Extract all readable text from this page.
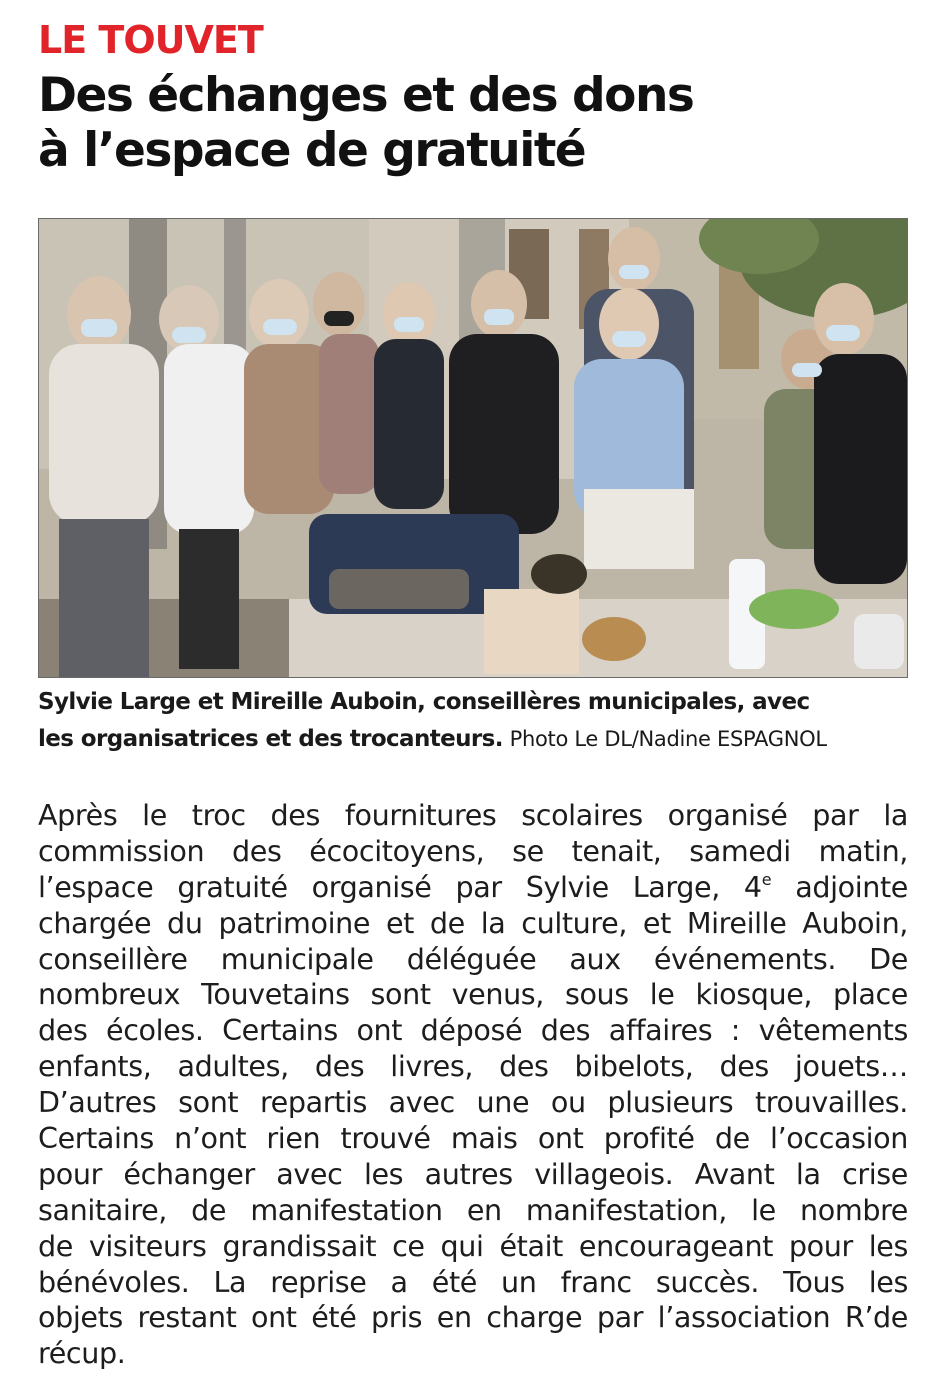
LE TOUVET
Des échanges et des dons
à l’espace de gratuité
Sylvie Large et Mireille Auboin, conseillères municipales, avec
les organisatrices et des trocanteurs. Photo Le DL/Nadine ESPAGNOL
Après le troc des fournitures scolaires organisé par la
commission des écocitoyens, se tenait, samedi matin,
l’espace gratuité organisé par Sylvie Large, 4e adjointe
chargée du patrimoine et de la culture, et Mireille Auboin,
conseillère municipale déléguée aux événements. De
nombreux Touvetains sont venus, sous le kiosque, place
des écoles. Certains ont déposé des affaires : vêtements
enfants, adultes, des livres, des bibelots, des jouets…
D’autres sont repartis avec une ou plusieurs trouvailles.
Certains n’ont rien trouvé mais ont profité de l’occasion
pour échanger avec les autres villageois. Avant la crise
sanitaire, de manifestation en manifestation, le nombre
de visiteurs grandissait ce qui était encourageant pour les
bénévoles. La reprise a été un franc succès. Tous les
objets restant ont été pris en charge par l’association R’de
récup.
